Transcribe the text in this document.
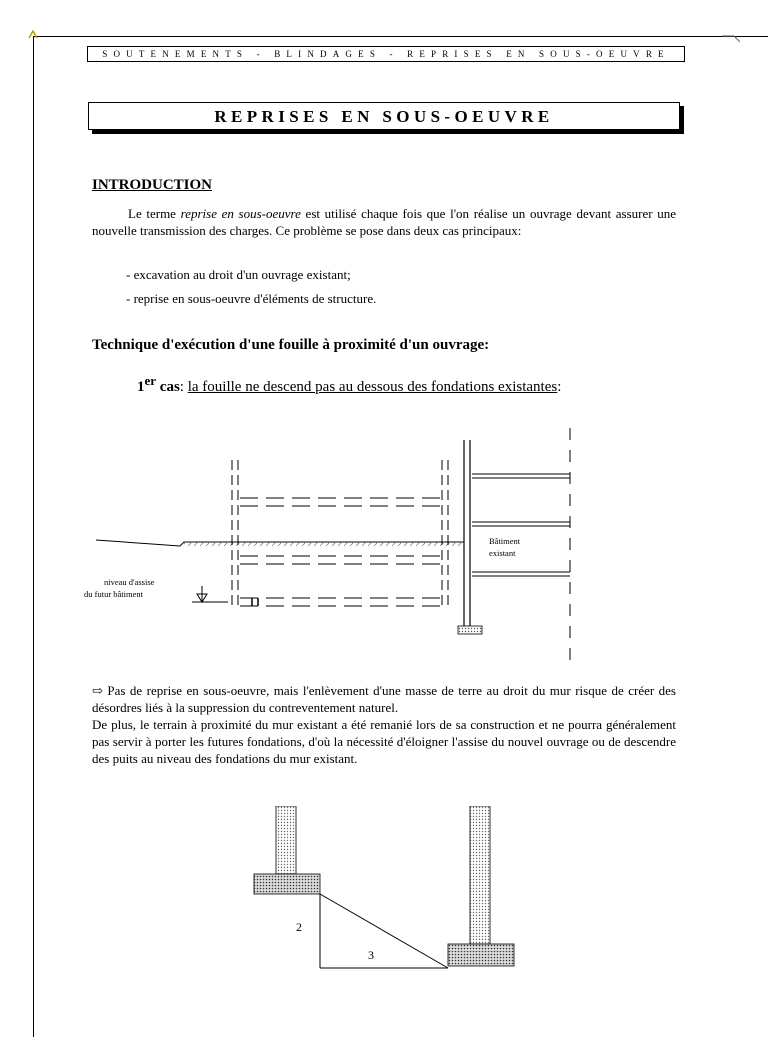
SOUTENEMENTS - BLINDAGES - REPRISES EN SOUS-OEUVRE
REPRISES EN SOUS-OEUVRE
INTRODUCTION
Le terme reprise en sous-oeuvre est utilisé chaque fois que l'on réalise un ouvrage devant assurer une nouvelle transmission des charges. Ce problème se pose dans deux cas principaux:
- excavation au droit d'un ouvrage existant;
- reprise en sous-oeuvre d'éléments de structure.
Technique d'exécution d'une fouille à proximité d'un ouvrage:
1er cas: la fouille ne descend pas au dessous des fondations existantes:
Bâtiment
existant
niveau d'assise
du futur bâtiment

⇨ Pas de reprise en sous-oeuvre, mais l'enlèvement d'une masse de terre au droit du mur risque de créer des désordres liés à la suppression du contreventement naturel.

De plus, le terrain à proximité du mur existant a été remanié lors de sa construction et ne pourra généralement pas servir à porter les futures fondations, d'où la nécessité d'éloigner l'assise du nouvel ouvrage ou de descendre des puits au niveau des fondations du mur existant.

2
3
